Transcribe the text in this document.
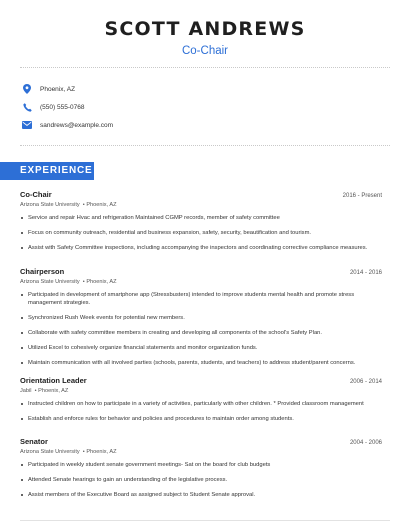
SCOTT ANDREWS
Co-Chair
Phoenix, AZ
(550) 555-0768
sandrews@example.com
EXPERIENCE
Co-Chair	2016 - Present
Arizona State University  • Phoenix, AZ
Service and repair Hvac and refrigeration Maintained CGMP records, member of safety committee
Focus on community outreach, residential and business expansion, safety, security, beautification and tourism.
Assist with Safety Committee inspections, including accompanying the inspectors and coordinating corrective compliance measures.
Chairperson	2014 - 2016
Arizona State University  • Phoenix, AZ
Participated in development of smartphone app (Stressbusters) intended to improve students mental health and promote stress management strategies.
Synchronized Rush Week events for potential new members.
Collaborate with safety committee members in creating and developing all components of the school's Safety Plan.
Utilized Excel to cohesively organize financial statements and monitor organization funds.
Maintain communication with all involved parties (schools, parents, students, and teachers) to address student/parent concerns.
Orientation Leader	2006 - 2014
Jabil  • Phoenix, AZ
Instructed children on how to participate in a variety of activities, particularly with other children. * Provided classroom management
Establish and enforce rules for behavior and policies and procedures to maintain order among students.
Senator	2004 - 2006
Arizona State University  • Phoenix, AZ
Participated in weekly student senate government meetings- Sat on the board for club budgets
Attended Senate hearings to gain an understanding of the legislative process.
Assist members of the Executive Board as assigned subject to Student Senate approval.
